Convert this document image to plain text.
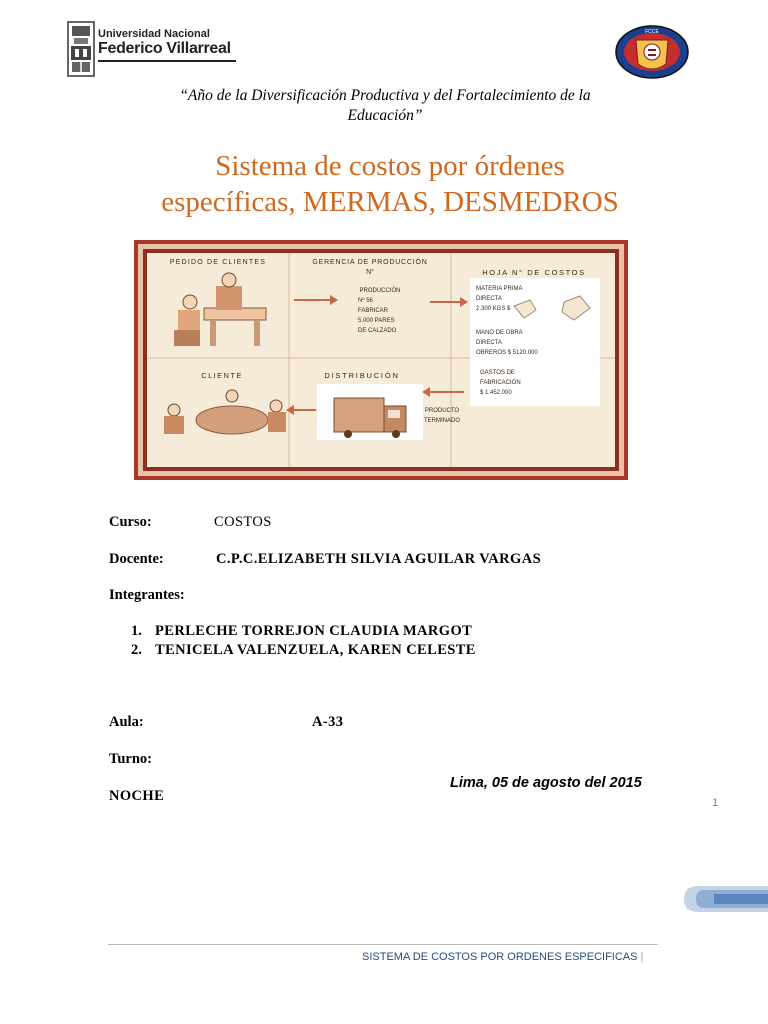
Universidad Nacional
Federico Villarreal
FCCE
“Año de la Diversificación Productiva y del Fortalecimiento de la
Educación”
Sistema de costos por órdenes
específicas, MERMAS, DESMEDROS
PEDIDO DE CLIENTES	GERENCIA DE PRODUCCIÓN
N°	HOJA N° DE COSTOS
PRODUCCIÓN
Nº 56
FABRICAR
5.000 PARES
DE CALZADO
MATERIA PRIMA
DIRECTA
2.300 KGS $
MANO DE OBRA
DIRECTA
OBREROS $ 5120.000
GASTOS DE
FABRICACIÓN
$ 1.452.000
CLIENTE	DISTRIBUCIÓN
PRODUCTO
TERMINADO
Curso:	COSTOS
Docente:	C.P.C.ELIZABETH SILVIA AGUILAR VARGAS
Integrantes:
1. PERLECHE TORREJON CLAUDIA MARGOT
2. TENICELA VALENZUELA, KAREN CELESTE
Aula:	A-33
Turno:
NOCHE
Lima, 05 de agosto del 2015
1
SISTEMA DE COSTOS POR ORDENES ESPECIFICAS |
